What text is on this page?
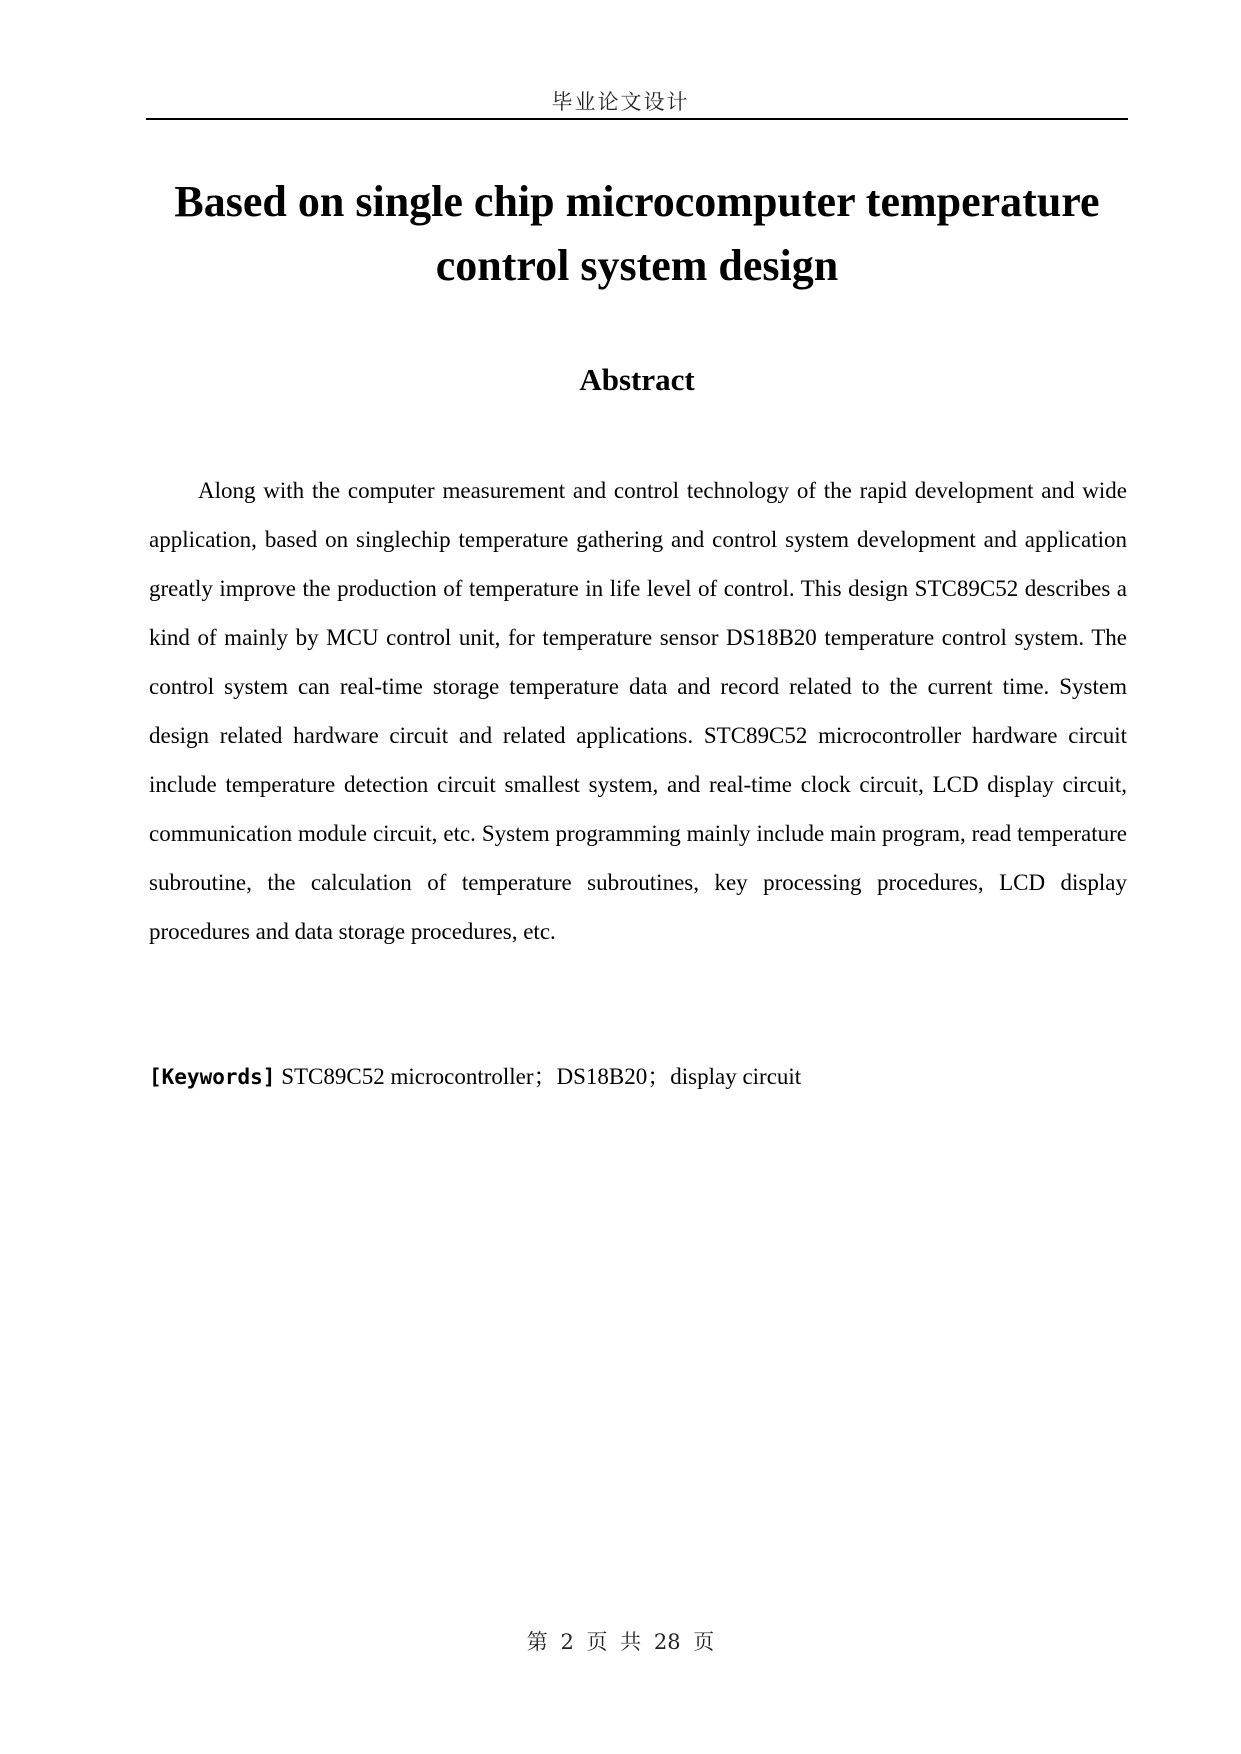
毕业论文设计
Based on single chip microcomputer temperature
control system design
Abstract

Along with the computer measurement and control technology of the rapid development and wide application, based on singlechip temperature gathering and control system development and application greatly improve the production of temperature in life level of control. This design STC89C52 describes a kind of mainly by MCU control unit, for temperature sensor DS18B20 temperature control system. The control system can real-time storage temperature data and record related to the current time. System design related hardware circuit and related applications. STC89C52 microcontroller hardware circuit include temperature detection circuit smallest system, and real-time clock circuit, LCD display circuit, communication module circuit, etc. System programming mainly include main program, read temperature subroutine, the calculation of temperature subroutines, key processing procedures, LCD display procedures and data storage procedures, etc.

[Keywords] STC89C52 microcontroller；DS18B20；display circuit
第 2 页 共 28 页
